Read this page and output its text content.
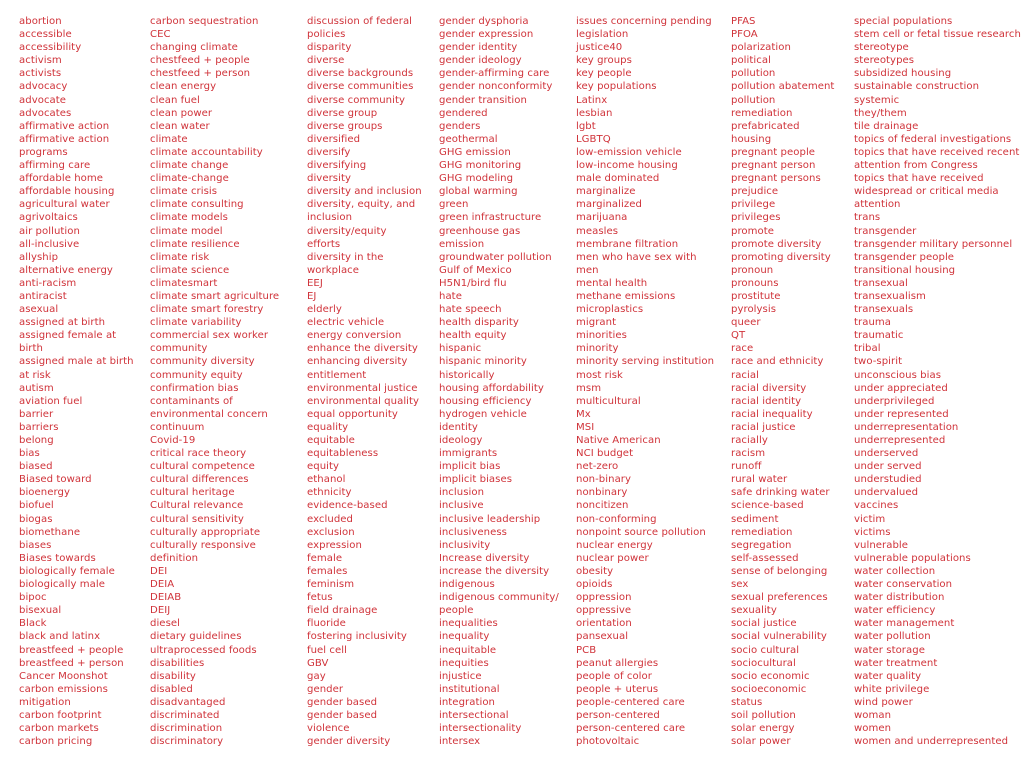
abortion
accessible
accessibility
activism
activists
advocacy
advocate
advocates
affirmative action
affirmative action
programs
affirming care
affordable home
affordable housing
agricultural water
agrivoltaics
air pollution
all-inclusive
allyship
alternative energy
anti-racism
antiracist
asexual
assigned at birth
assigned female at
birth
assigned male at birth
at risk
autism
aviation fuel
barrier
barriers
belong
bias
biased
Biased toward
bioenergy
biofuel
biogas
biomethane
biases
Biases towards
biologically female
biologically male
bipoc
bisexual
Black
black and latinx
breastfeed + people
breastfeed + person
Cancer Moonshot
carbon emissions
mitigation
carbon footprint
carbon markets
carbon pricing
carbon sequestration
CEC
changing climate
chestfeed + people
chestfeed + person
clean energy
clean fuel
clean power
clean water
climate
climate accountability
climate change
climate-change
climate crisis
climate consulting
climate models
climate model
climate resilience
climate risk
climate science
climatesmart
climate smart agriculture
climate smart forestry
climate variability
commercial sex worker
community
community diversity
community equity
confirmation bias
contaminants of
environmental concern
continuum
Covid-19
critical race theory
cultural competence
cultural differences
cultural heritage
Cultural relevance
cultural sensitivity
culturally appropriate
culturally responsive
definition
DEI
DEIA
DEIAB
DEIJ
diesel
dietary guidelines
ultraprocessed foods
disabilities
disability
disabled
disadvantaged
discriminated
discrimination
discriminatory
discussion of federal
policies
disparity
diverse
diverse backgrounds
diverse communities
diverse community
diverse group
diverse groups
diversified
diversify
diversifying
diversity
diversity and inclusion
diversity, equity, and
inclusion
diversity/equity
efforts
diversity in the
workplace
EEJ
EJ
elderly
electric vehicle
energy conversion
enhance the diversity
enhancing diversity
entitlement
environmental justice
environmental quality
equal opportunity
equality
equitable
equitableness
equity
ethanol
ethnicity
evidence-based
excluded
exclusion
expression
female
females
feminism
fetus
field drainage
fluoride
fostering inclusivity
fuel cell
GBV
gay
gender
gender based
gender based
violence
gender diversity
gender dysphoria
gender expression
gender identity
gender ideology
gender-affirming care
gender nonconformity
gender transition
gendered
genders
geothermal
GHG emission
GHG monitoring
GHG modeling
global warming
green
green infrastructure
greenhouse gas
emission
groundwater pollution
Gulf of Mexico
H5N1/bird flu
hate
hate speech
health disparity
health equity
hispanic
hispanic minority
historically
housing affordability
housing efficiency
hydrogen vehicle
identity
ideology
immigrants
implicit bias
implicit biases
inclusion
inclusive
inclusive leadership
inclusiveness
inclusivity
Increase diversity
increase the diversity
indigenous
indigenous community/
people
inequalities
inequality
inequitable
inequities
injustice
institutional
integration
intersectional
intersectionality
intersex
issues concerning pending
legislation
justice40
key groups
key people
key populations
Latinx
lesbian
lgbt
LGBTQ
low-emission vehicle
low-income housing
male dominated
marginalize
marginalized
marijuana
measles
membrane filtration
men who have sex with
men
mental health
methane emissions
microplastics
migrant
minorities
minority
minority serving institution
most risk
msm
multicultural
Mx
MSI
Native American
NCI budget
net-zero
non-binary
nonbinary
noncitizen
non-conforming
nonpoint source pollution
nuclear energy
nuclear power
obesity
opioids
oppression
oppressive
orientation
pansexual
PCB
peanut allergies
people of color
people + uterus
people-centered care
person-centered
person-centered care
photovoltaic
PFAS
PFOA
polarization
political
pollution
pollution abatement
pollution
remediation
prefabricated
housing
pregnant people
pregnant person
pregnant persons
prejudice
privilege
privileges
promote
promote diversity
promoting diversity
pronoun
pronouns
prostitute
pyrolysis
queer
QT
race
race and ethnicity
racial
racial diversity
racial identity
racial inequality
racial justice
racially
racism
runoff
rural water
safe drinking water
science-based
sediment
remediation
segregation
self-assessed
sense of belonging
sex
sexual preferences
sexuality
social justice
social vulnerability
socio cultural
sociocultural
socio economic
socioeconomic
status
soil pollution
solar energy
solar power
special populations
stem cell or fetal tissue research
stereotype
stereotypes
subsidized housing
sustainable construction
systemic
they/them
tile drainage
topics of federal investigations
topics that have received recent
attention from Congress
topics that have received
widespread or critical media
attention
trans
transgender
transgender military personnel
transgender people
transitional housing
transexual
transexualism
transexuals
trauma
traumatic
tribal
two-spirit
unconscious bias
under appreciated
underprivileged
under represented
underrepresentation
underrepresented
underserved
under served
understudied
undervalued
vaccines
victim
victims
vulnerable
vulnerable populations
water collection
water conservation
water distribution
water efficiency
water management
water pollution
water storage
water treatment
water quality
white privilege
wind power
woman
women
women and underrepresented
